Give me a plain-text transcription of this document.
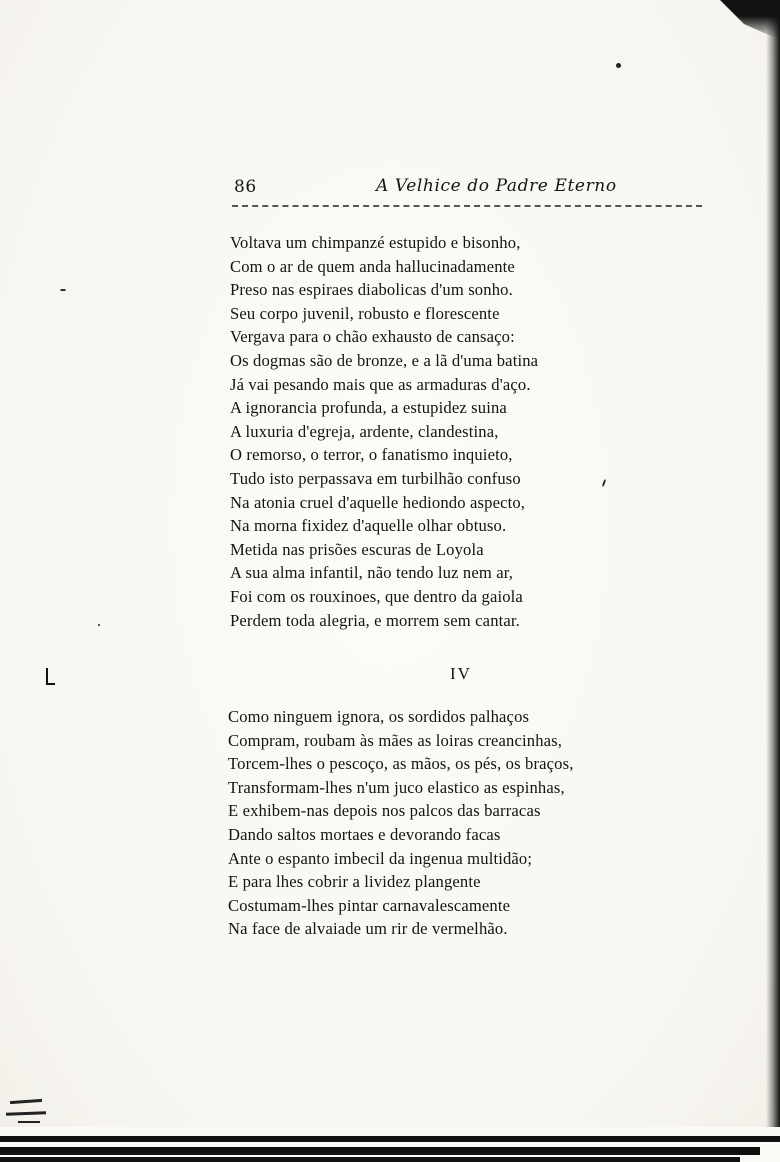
86	A Velhice do Padre Eterno
Voltava um chimpanzé estupido e bisonho,
Com o ar de quem anda hallucinadamente
Preso nas espiraes diabolicas d'um sonho.
Seu corpo juvenil, robusto e florescente
Vergava para o chão exhausto de cansaço:
Os dogmas são de bronze, e a lã d'uma batina
Já vai pesando mais que as armaduras d'aço.
A ignorancia profunda, a estupidez suina
A luxuria d'egreja, ardente, clandestina,
O remorso, o terror, o fanatismo inquieto,
Tudo isto perpassava em turbilhão confuso
Na atonia cruel d'aquelle hediondo aspecto,
Na morna fixidez d'aquelle olhar obtuso.
Metida nas prisões escuras de Loyola
A sua alma infantil, não tendo luz nem ar,
Foi com os rouxinoes, que dentro da gaiola
Perdem toda alegria, e morrem sem cantar.
IV
Como ninguem ignora, os sordidos palhaços
Compram, roubam às mães as loiras creancinhas,
Torcem-lhes o pescoço, as mãos, os pés, os braços,
Transformam-lhes n'um juco elastico as espinhas,
E exhibem-nas depois nos palcos das barracas
Dando saltos mortaes e devorando facas
Ante o espanto imbecil da ingenua multidão;
E para lhes cobrir a lividez plangente
Costumam-lhes pintar carnavalescamente
Na face de alvaiade um rir de vermelhão.
